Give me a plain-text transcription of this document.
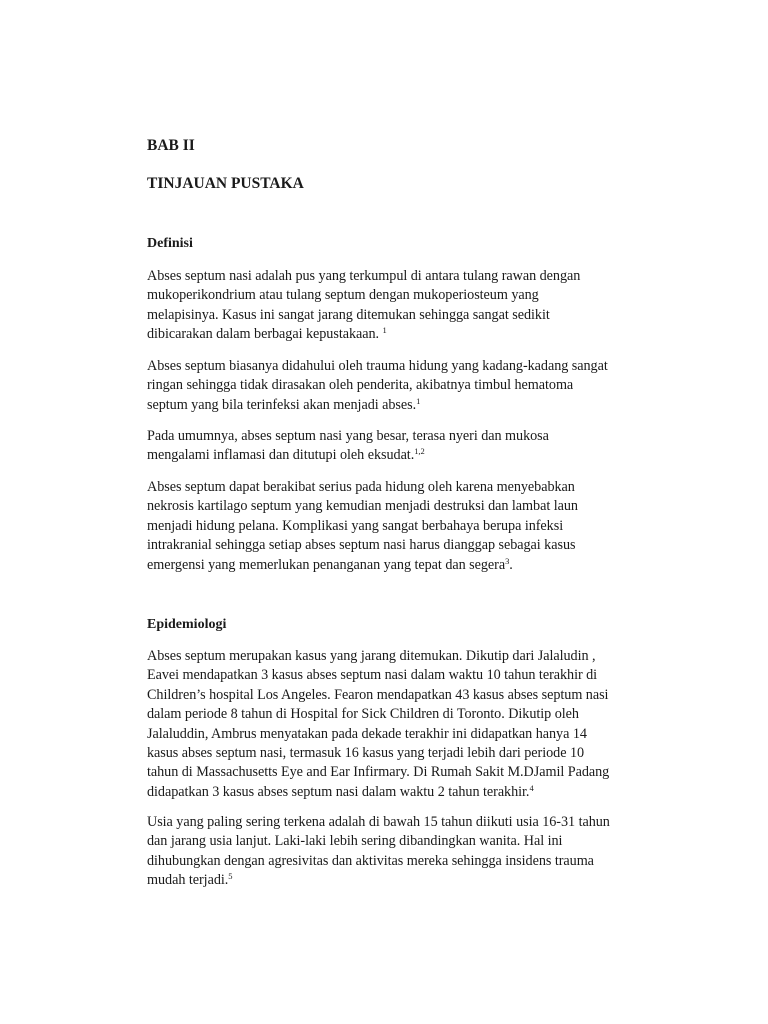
BAB II
TINJAUAN PUSTAKA
Definisi

Abses septum nasi adalah pus yang terkumpul di antara tulang rawan dengan
mukoperikondrium atau tulang septum dengan mukoperiosteum yang
melapisinya. Kasus ini sangat jarang ditemukan sehingga sangat sedikit
dibicarakan dalam berbagai kepustakaan. $^1$

Abses septum biasanya didahului oleh trauma hidung yang kadang-kadang sangat
ringan sehingga tidak dirasakan oleh penderita, akibatnya timbul hematoma
septum yang bila terinfeksi akan menjadi abses.$^1$

Pada umumnya, abses septum nasi yang besar, terasa nyeri dan mukosa
mengalami inflamasi dan ditutupi oleh eksudat.$^{1,2}$

Abses septum dapat berakibat serius pada hidung oleh karena menyebabkan
nekrosis kartilago septum yang kemudian menjadi destruksi dan lambat laun
menjadi hidung pelana. Komplikasi yang sangat berbahaya berupa infeksi
intrakranial sehingga setiap abses septum nasi harus dianggap sebagai kasus
emergensi yang memerlukan penanganan yang tepat dan segera$^3$.

Epidemiologi

Abses septum merupakan kasus yang jarang ditemukan. Dikutip dari Jalaludin ,
Eavei mendapatkan 3 kasus abses septum nasi dalam waktu 10 tahun terakhir di
Children’s hospital Los Angeles. Fearon mendapatkan 43 kasus abses septum nasi
dalam periode 8 tahun di Hospital for Sick Children di Toronto. Dikutip oleh
Jalaluddin, Ambrus menyatakan pada dekade terakhir ini didapatkan hanya 14
kasus abses septum nasi, termasuk 16 kasus yang terjadi lebih dari periode 10
tahun di Massachusetts Eye and Ear Infirmary. Di Rumah Sakit M.DJamil Padang
didapatkan 3 kasus abses septum nasi dalam waktu 2 tahun terakhir.$^4$

Usia yang paling sering terkena adalah di bawah 15 tahun diikuti usia 16-31 tahun
dan jarang usia lanjut. Laki-laki lebih sering dibandingkan wanita. Hal ini
dihubungkan dengan agresivitas dan aktivitas mereka sehingga insidens trauma
mudah terjadi.$^5$
